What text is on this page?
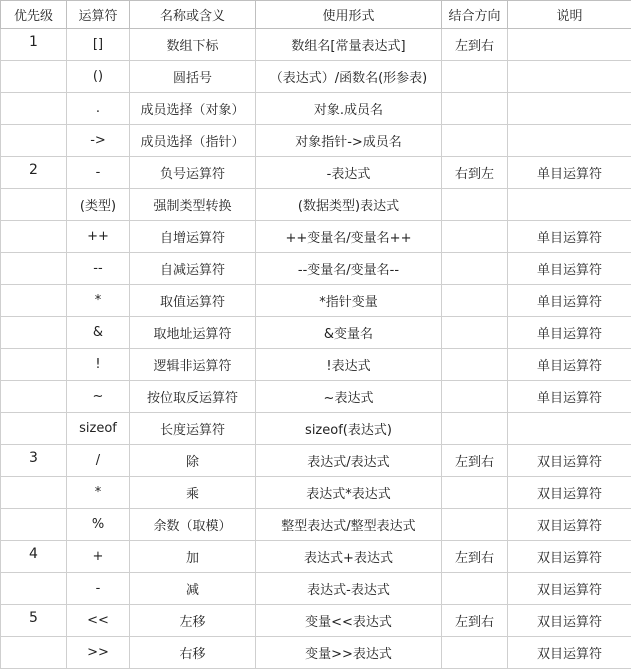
优先级	运算符	名称或含义	使用形式	结合方向	说明
1	[]	数组下标	数组名[常量表达式]	左到右	
	()	圆括号	（表达式）/函数名(形参表)		
	.	成员选择（对象）	对象.成员名		
	->	成员选择（指针）	对象指针->成员名		
2	-	负号运算符	-表达式	右到左	单目运算符
	(类型)	强制类型转换	(数据类型)表达式		
	++	自增运算符	++变量名/变量名++		单目运算符
	--	自减运算符	--变量名/变量名--		单目运算符
	*	取值运算符	*指针变量		单目运算符
	&	取地址运算符	&变量名		单目运算符
	!	逻辑非运算符	!表达式		单目运算符
	~	按位取反运算符	~表达式		单目运算符
	sizeof	长度运算符	sizeof(表达式)		
3	/	除	表达式/表达式	左到右	双目运算符
	*	乘	表达式*表达式		双目运算符
	%	余数（取模）	整型表达式/整型表达式		双目运算符
4	+	加	表达式+表达式	左到右	双目运算符
	-	减	表达式-表达式		双目运算符
5	<<	左移	变量<<表达式	左到右	双目运算符
	>>	右移	变量>>表达式		双目运算符
